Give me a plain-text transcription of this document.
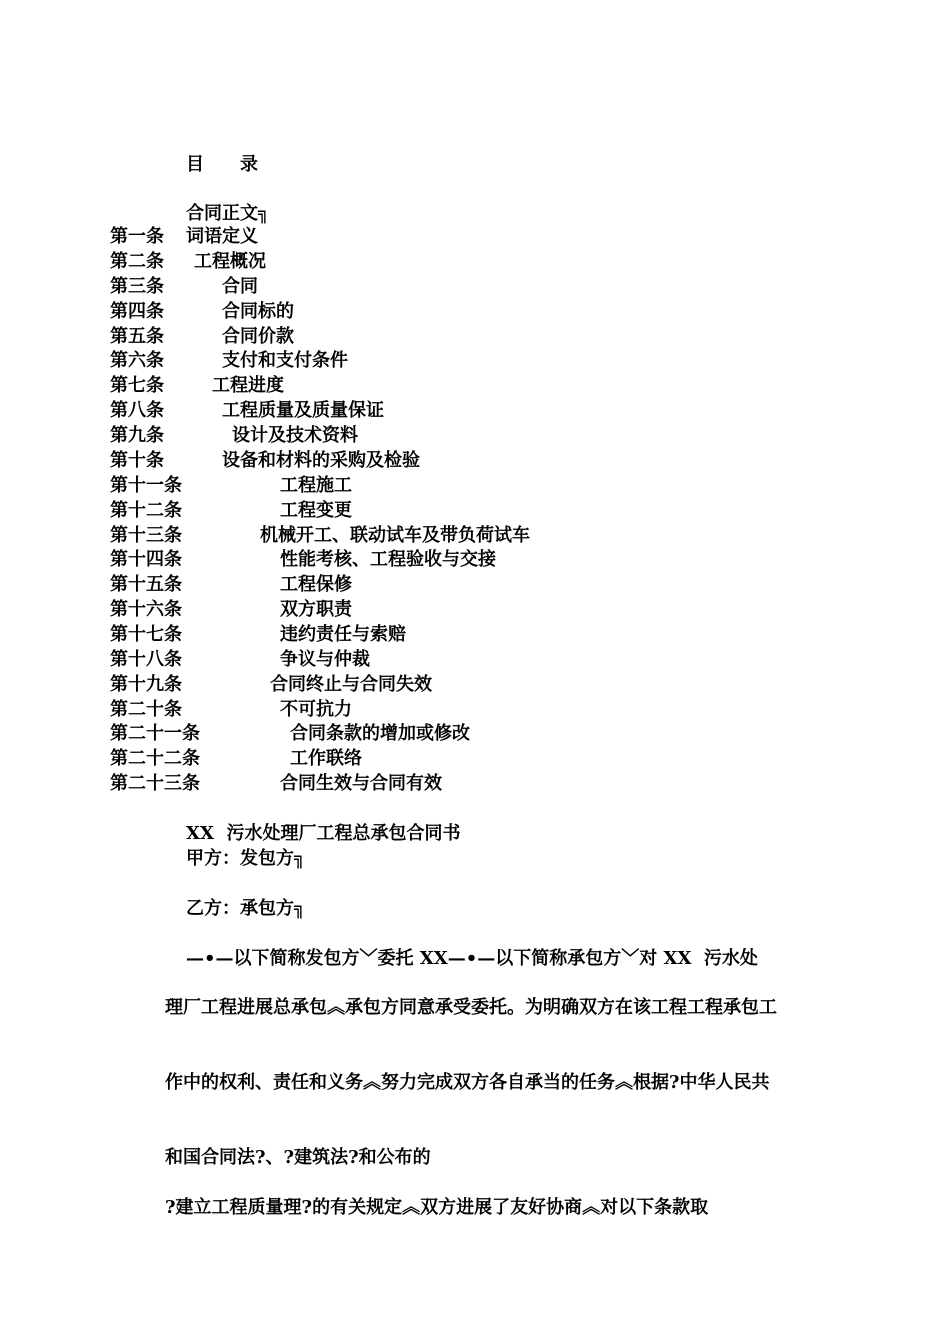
目　　录
合同正文╗
第一条 词语定义
第二条 工程概况
第三条	合同
第四条	合同标的
第五条	合同价款
第六条	支付和支付条件
第七条	工程进度
第八条	工程质量及质量保证
第九条	设计及技术资料
第十条	设备和材料的采购及检验
第十一条	工程施工
第十二条	工程变更
第十三条	机械开工、联动试车及带负荷试车
第十四条	性能考核、工程验收与交接
第十五条	工程保修
第十六条	双方职责
第十七条	违约责任与索赔
第十八条	争议与仲裁
第十九条	合同终止与合同失效
第二十条	不可抗力
第二十一条	合同条款的增加或修改
第二十二条	工作联络
第二十三条	合同生效与合同有效
XX  污水处理厂工程总承包合同书
甲方：发包方╗
乙方：承包方╗
—•—以下简称发包方﹀委托 XX—•—以下简称承包方﹀对 XX  污水处
理厂工程进展总承包︽承包方同意承受委托。为明确双方在该工程工程承包工
作中的权利、责任和义务︽努力完成双方各自承当的任务︽根据?中华人民共
和国合同法?、?建筑法?和公布的
?建立工程质量理?的有关规定︽双方进展了友好协商︽对以下条款取
